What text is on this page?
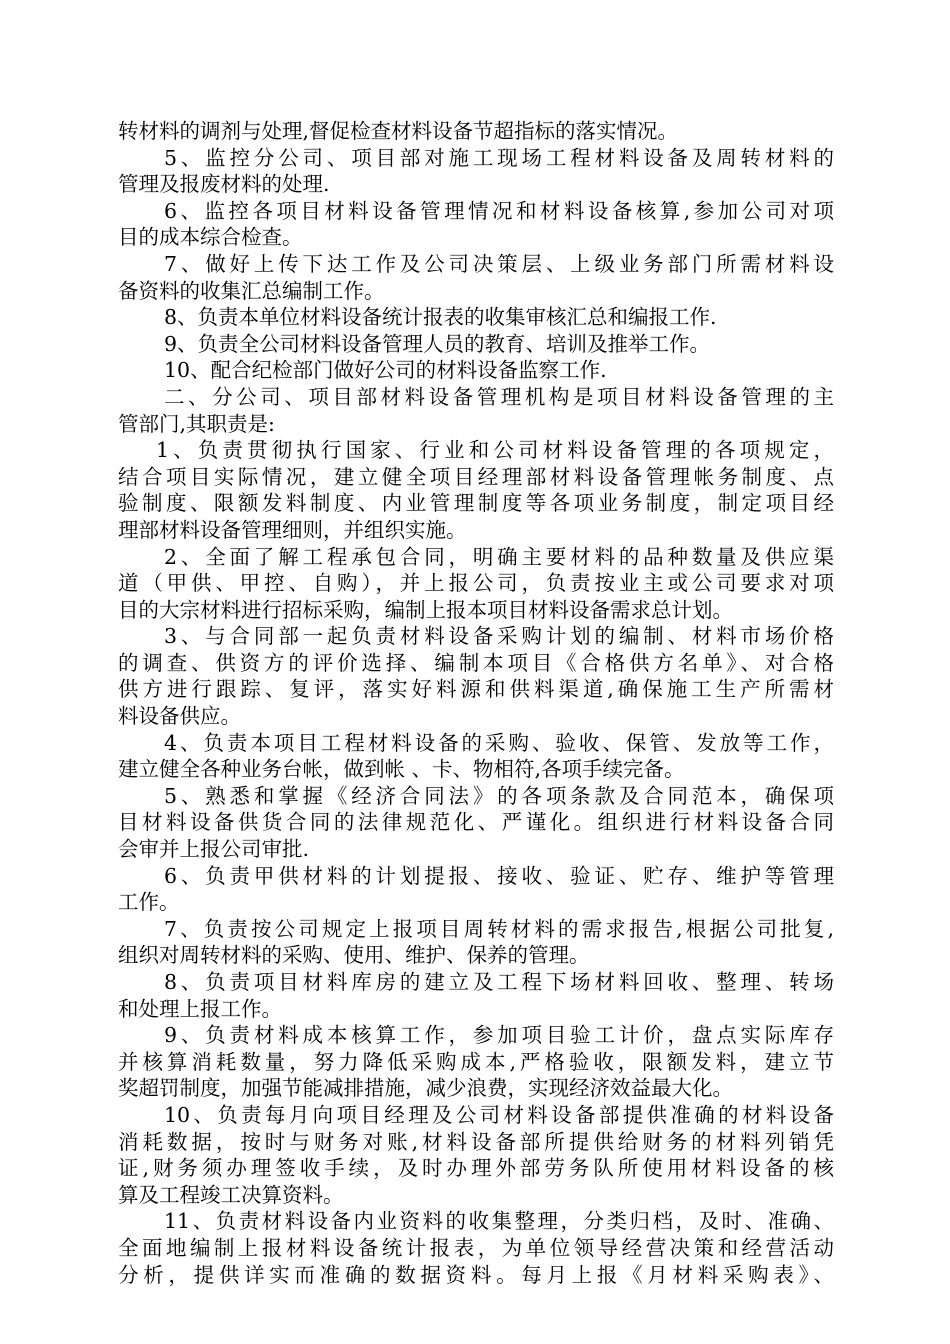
转材料的调剂与处理,督促检查材料设备节超指标的落实情况。
5、监控分公司、项目部对施工现场工程材料设备及周转材料的
管理及报废材料的处理.
6、监控各项目材料设备管理情况和材料设备核算,参加公司对项
目的成本综合检查。
7、做好上传下达工作及公司决策层、上级业务部门所需材料设
备资料的收集汇总编制工作。
8、负责本单位材料设备统计报表的收集审核汇总和编报工作.
9、负责全公司材料设备管理人员的教育、培训及推举工作。
10、配合纪检部门做好公司的材料设备监察工作.
二、分公司、项目部材料设备管理机构是项目材料设备管理的主
管部门,其职责是:
1、负责贯彻执行国家、行业和公司材料设备管理的各项规定，
结合项目实际情况，建立健全项目经理部材料设备管理帐务制度、点
验制度、限额发料制度、内业管理制度等各项业务制度，制定项目经
理部材料设备管理细则，并组织实施。
2、全面了解工程承包合同，明确主要材料的品种数量及供应渠
道（甲供、甲控、自购），并上报公司，负责按业主或公司要求对项
目的大宗材料进行招标采购，编制上报本项目材料设备需求总计划。
3、与合同部一起负责材料设备采购计划的编制、材料市场价格
的调查、供资方的评价选择、编制本项目《合格供方名单》、对合格
供方进行跟踪、复评，落实好料源和供料渠道,确保施工生产所需材
料设备供应。
4、负责本项目工程材料设备的采购、验收、保管、发放等工作，
建立健全各种业务台帐，做到帐 、卡、物相符,各项手续完备。
5、熟悉和掌握《经济合同法》的各项条款及合同范本，确保项
目材料设备供货合同的法律规范化、严谨化。组织进行材料设备合同
会审并上报公司审批.
6、负责甲供材料的计划提报、接收、验证、贮存、维护等管理
工作。
7、负责按公司规定上报项目周转材料的需求报告,根据公司批复,
组织对周转材料的采购、使用、维护、保养的管理。
8、负责项目材料库房的建立及工程下场材料回收、整理、转场
和处理上报工作。
9、负责材料成本核算工作，参加项目验工计价，盘点实际库存
并核算消耗数量，努力降低采购成本,严格验收，限额发料，建立节
奖超罚制度，加强节能减排措施，减少浪费，实现经济效益最大化。
10、负责每月向项目经理及公司材料设备部提供准确的材料设备
消耗数据，按时与财务对账,材料设备部所提供给财务的材料列销凭
证,财务须办理签收手续，及时办理外部劳务队所使用材料设备的核
算及工程竣工决算资料。
11、负责材料设备内业资料的收集整理，分类归档，及时、准确、
全面地编制上报材料设备统计报表，为单位领导经营决策和经营活动
分析，提供详实而准确的数据资料。每月上报《月材料采购表》、
